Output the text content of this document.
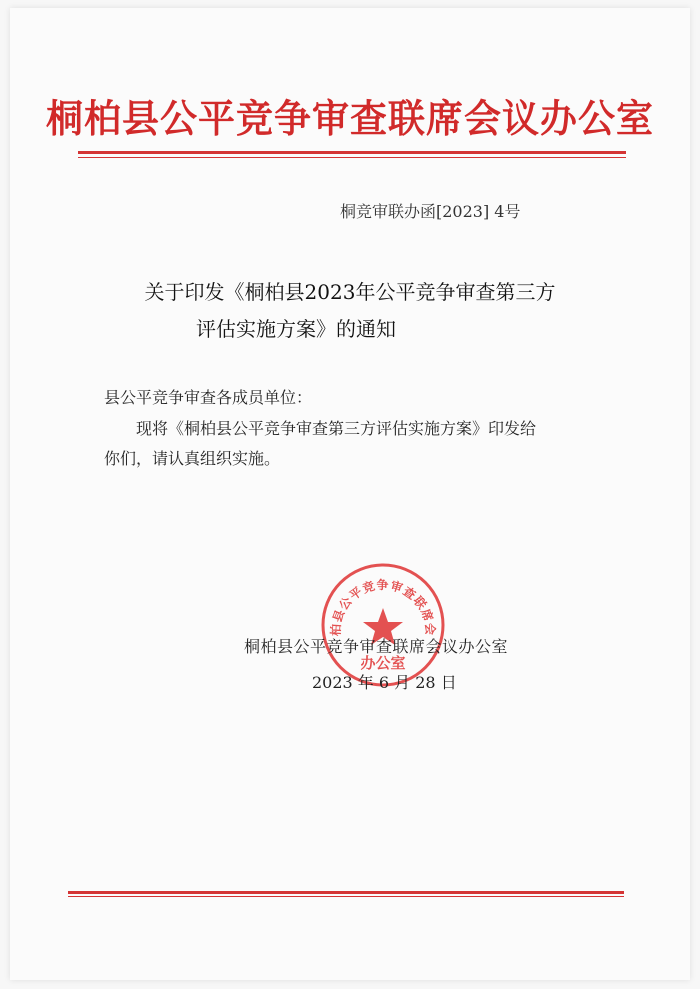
桐柏县公平竞争审查联席会议办公室
桐竞审联办函[2023] 4号
关于印发《桐柏县2023年公平竞争审查第三方
评估实施方案》的通知
县公平竞争审查各成员单位：
现将《桐柏县公平竞争审查第三方评估实施方案》印发给你们，请认真组织实施。
柏县公平竞争审查联席会
办公室
桐柏县公平竞争审查联席会议办公室
2023 年 6 月 28 日
